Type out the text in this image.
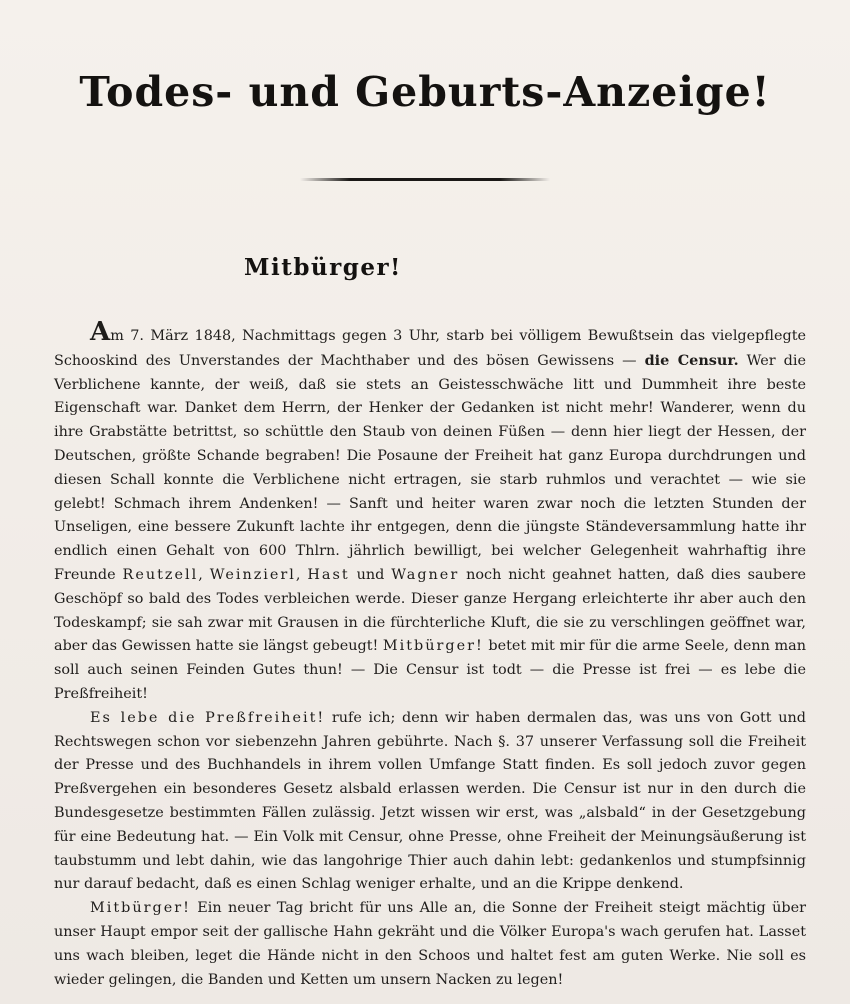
Todes- und Geburts-Anzeige!
Mitbürger!

Am 7. März 1848, Nachmittags gegen 3 Uhr, starb bei völligem Bewußtsein das vielgepflegte Schooskind des Unverstandes der Machthaber und des bösen Gewissens — die Censur. Wer die Verblichene kannte, der weiß, daß sie stets an Geistesschwäche litt und Dummheit ihre beste Eigenschaft war. Danket dem Herrn, der Henker der Gedanken ist nicht mehr! Wanderer, wenn du ihre Grabstätte betrittst, so schüttle den Staub von deinen Füßen — denn hier liegt der Hessen, der Deutschen, größte Schande begraben! Die Posaune der Freiheit hat ganz Europa durchdrungen und diesen Schall konnte die Verblichene nicht ertragen, sie starb ruhmlos und verachtet — wie sie gelebt! Schmach ihrem Andenken! — Sanft und heiter waren zwar noch die letzten Stunden der Unseligen, eine bessere Zukunft lachte ihr entgegen, denn die jüngste Ständeversammlung hatte ihr endlich einen Gehalt von 600 Thlrn. jährlich bewilligt, bei welcher Gelegenheit wahrhaftig ihre Freunde Reutzell, Weinzierl, Hast und Wagner noch nicht geahnet hatten, daß dies saubere Geschöpf so bald des Todes verbleichen werde. Dieser ganze Hergang erleichterte ihr aber auch den Todeskampf; sie sah zwar mit Grausen in die fürchterliche Kluft, die sie zu verschlingen geöffnet war, aber das Gewissen hatte sie längst gebeugt! Mitbürger! betet mit mir für die arme Seele, denn man soll auch seinen Feinden Gutes thun! — Die Censur ist todt — die Presse ist frei — es lebe die Preßfreiheit!

Es lebe die Preßfreiheit! rufe ich; denn wir haben dermalen das, was uns von Gott und Rechtswegen schon vor siebenzehn Jahren gebührte. Nach §. 37 unserer Verfassung soll die Freiheit der Presse und des Buchhandels in ihrem vollen Umfange Statt finden. Es soll jedoch zuvor gegen Preßvergehen ein besonderes Gesetz alsbald erlassen werden. Die Censur ist nur in den durch die Bundesgesetze bestimmten Fällen zulässig. Jetzt wissen wir erst, was „alsbald“ in der Gesetzgebung für eine Bedeutung hat. — Ein Volk mit Censur, ohne Presse, ohne Freiheit der Meinungsäußerung ist taubstumm und lebt dahin, wie das langohrige Thier auch dahin lebt: gedankenlos und stumpfsinnig nur darauf bedacht, daß es einen Schlag weniger erhalte, und an die Krippe denkend.

Mitbürger! Ein neuer Tag bricht für uns Alle an, die Sonne der Freiheit steigt mächtig über unser Haupt empor seit der gallische Hahn gekräht und die Völker Europa's wach gerufen hat. Lasset uns wach bleiben, leget die Hände nicht in den Schoos und haltet fest am guten Werke. Nie soll es wieder gelingen, die Banden und Ketten um unsern Nacken zu legen!
